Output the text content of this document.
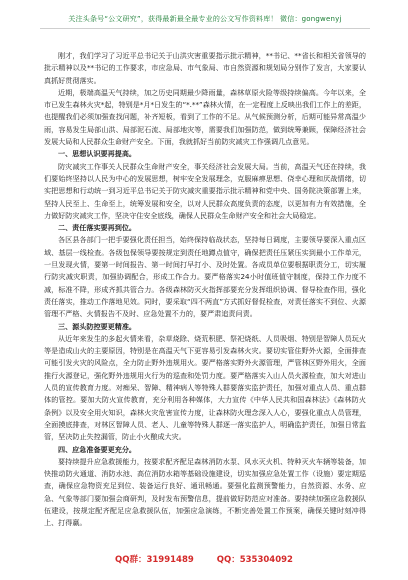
关注头条号“公文研究”，获得最新最全最专业的公文写作资料库！ 微信：gongwenyj

刚才，我们学习了习近平总书记关于山洪灾害重要指示批示精神，**书记、**省长和相关省领导的批示精神以及**书记的工作要求，市应急局、市气象局、市自然资源和规划局分别作了发言，大家要认真抓好贯彻落实。

近期，极端高温天气持续，加之历史同期最少降雨量，森林草原火险等级持续偏高。今年以来，全市已发生森林火灾*起，特别是*月*日发生的“*.**”森林火情，在一定程度上反映出我们工作上的差距，也提醒我们必须加强查找问题，补齐短板，看到了工作的不足。从气候预测分析，后期可能异常高温少雨，容易发生局部山洪、局部泥石流、局部地灾等，需要我们加强防范，做到统筹兼顾，保障经济社会发展大局和人民群众生命财产安全。下面，我就抓好当前防灾减灾工作强调几点意见。

一、思想认识要再提高。

防灾减灾工作事关人民群众生命财产安全，事关经济社会发展大局。当前，高温天气还在持续，我们要始终坚持以人民为中心的发展思想，树牢安全发展理念，克服麻痹思想、侥幸心理和厌战情绪，切实把思想和行动统一到习近平总书记关于防灾减灾重要指示批示精神和党中央、国务院决策部署上来，坚持人民至上、生命至上，统筹发展和安全，以对人民群众高度负责的态度，以更加有力有效措施，全力做好防灾减灾工作，坚决守住安全底线，确保人民群众生命财产安全和社会大局稳定。

二、责任落实要再到位。

各区县各部门一把手要强化责任担当，始终保持临战状态，坚持每日调度，主要领导要深入重点区域、基层一线检查。各级包保领导要按规定到责任地蹲点值守，确保把责任压紧压实到最小工作单元，一旦发现火情，要第一时间报告、第一时间打早打小、及时处置。各成员单位要根据职责分工，切实履行防灾减灾职责，加强协调配合，形成工作合力。要严格落实24小时值班值守制度，保持工作力度不减，标准不降，形成齐抓共管合力。各级森林防灭火指挥部要充分发挥组织协调、督导检查作用，强化责任落实，推动工作落地见效。同时，要采取“四不两直”方式抓好督促检查，对责任落实不到位、火源管理不严格、火情报告不及时、应急处置不力的，要严肃追责问责。

三、源头防控要更精准。

从近年来发生的多起火情来看，杂草烧除、烧荒积肥、祭祀烧纸、人员吸烟、特别是智障人员玩火等是造成山火的主要原因，特别是在高温天气下更容易引发森林火灾。要切实管住野外火源，全面排查可能引发火灾的风险点，全力防止野外违规用火。要严格落实野外火源管理，严管林区野外用火，全面推行火源登记，强化野外违规用火行为的巡查和处罚力度。要严格落实入山人员火源检查，加大对进山人员的宣传教育力度。对痴呆、智障、精神病人等特殊人群要落实监护责任，加强对重点人员、重点群体的管控。要加大防火宣传教育，充分利用各种媒体，大力宣传《中华人民共和国森林法》《森林防火条例》以及安全用火知识，森林火灾危害宣传力度，让森林防火理念深入人心，要强化重点人员管理，全面摸底排查，对林区智障人员、老人、儿童等特殊人群逐一落实监护人，明确监护责任，加强日常监管，坚决防止失控漏管，防止小火酿成大灾。

四、应急准备要更充分。

要持续提升应急救援能力，按要求配齐配足森林消防水泵、风水灭火机、特种灭火车辆等装备，加快推动防火通道、消防水池、高位消防水箱等基础设施建设，切实加强应急处置工作（设施）要定期巡查，确保应急物资充足到位、装备运行良好、通讯畅通。要强化监测预警能力，自然资源、水务、应急、气象等部门要加强会商研判，及时发布预警信息，提前做好防范应对准备。要持续加强应急救援队伍建设，按规定配齐配足应急救援队伍，加强应急演练，不断完善处置工作预案，确保关键时刻冲得上、打得赢。

QQ群：31991489	QQ：535304092
